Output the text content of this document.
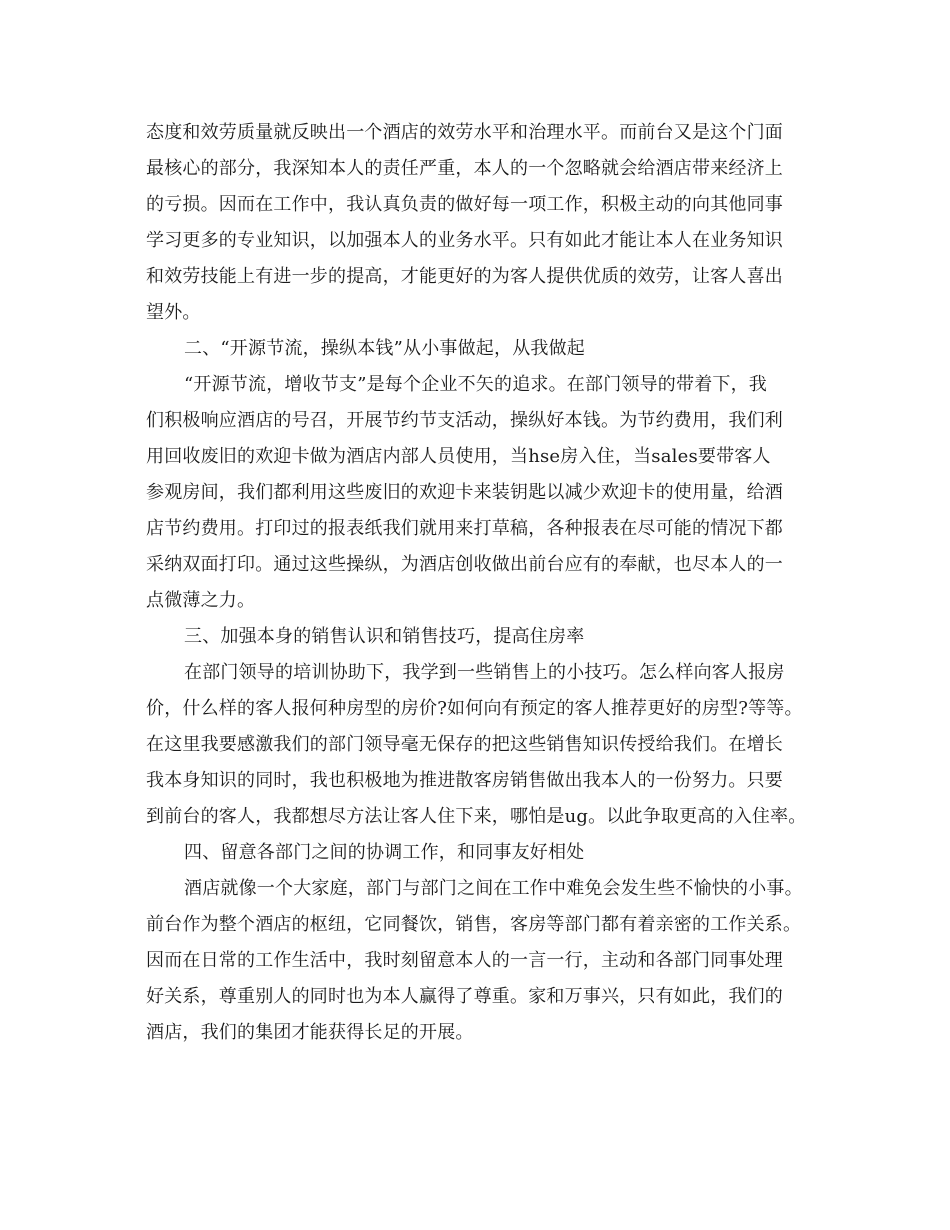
态度和效劳质量就反映出一个酒店的效劳水平和治理水平。而前台又是这个门面
最核心的部分，我深知本人的责任严重，本人的一个忽略就会给酒店带来经济上
的亏损。因而在工作中，我认真负责的做好每一项工作，积极主动的向其他同事
学习更多的专业知识，以加强本人的业务水平。只有如此才能让本人在业务知识
和效劳技能上有进一步的提高，才能更好的为客人提供优质的效劳，让客人喜出
望外。
二、“开源节流，操纵本钱”从小事做起，从我做起
“开源节流，增收节支”是每个企业不矢的追求。在部门领导的带着下，我
们积极响应酒店的号召，开展节约节支活动，操纵好本钱。为节约费用，我们利
用回收废旧的欢迎卡做为酒店内部人员使用，当hse房入住，当sales要带客人
参观房间，我们都利用这些废旧的欢迎卡来装钥匙以减少欢迎卡的使用量，给酒
店节约费用。打印过的报表纸我们就用来打草稿，各种报表在尽可能的情况下都
采纳双面打印。通过这些操纵，为酒店创收做出前台应有的奉献，也尽本人的一
点微薄之力。
三、加强本身的销售认识和销售技巧，提高住房率
在部门领导的培训协助下，我学到一些销售上的小技巧。怎么样向客人报房
价，什么样的客人报何种房型的房价?如何向有预定的客人推荐更好的房型?等等。
在这里我要感激我们的部门领导毫无保存的把这些销售知识传授给我们。在增长
我本身知识的同时，我也积极地为推进散客房销售做出我本人的一份努力。只要
到前台的客人，我都想尽方法让客人住下来，哪怕是ug。以此争取更高的入住率。
四、留意各部门之间的协调工作，和同事友好相处
酒店就像一个大家庭，部门与部门之间在工作中难免会发生些不愉快的小事。
前台作为整个酒店的枢纽，它同餐饮，销售，客房等部门都有着亲密的工作关系。
因而在日常的工作生活中，我时刻留意本人的一言一行，主动和各部门同事处理
好关系，尊重别人的同时也为本人赢得了尊重。家和万事兴，只有如此，我们的
酒店，我们的集团才能获得长足的开展。
